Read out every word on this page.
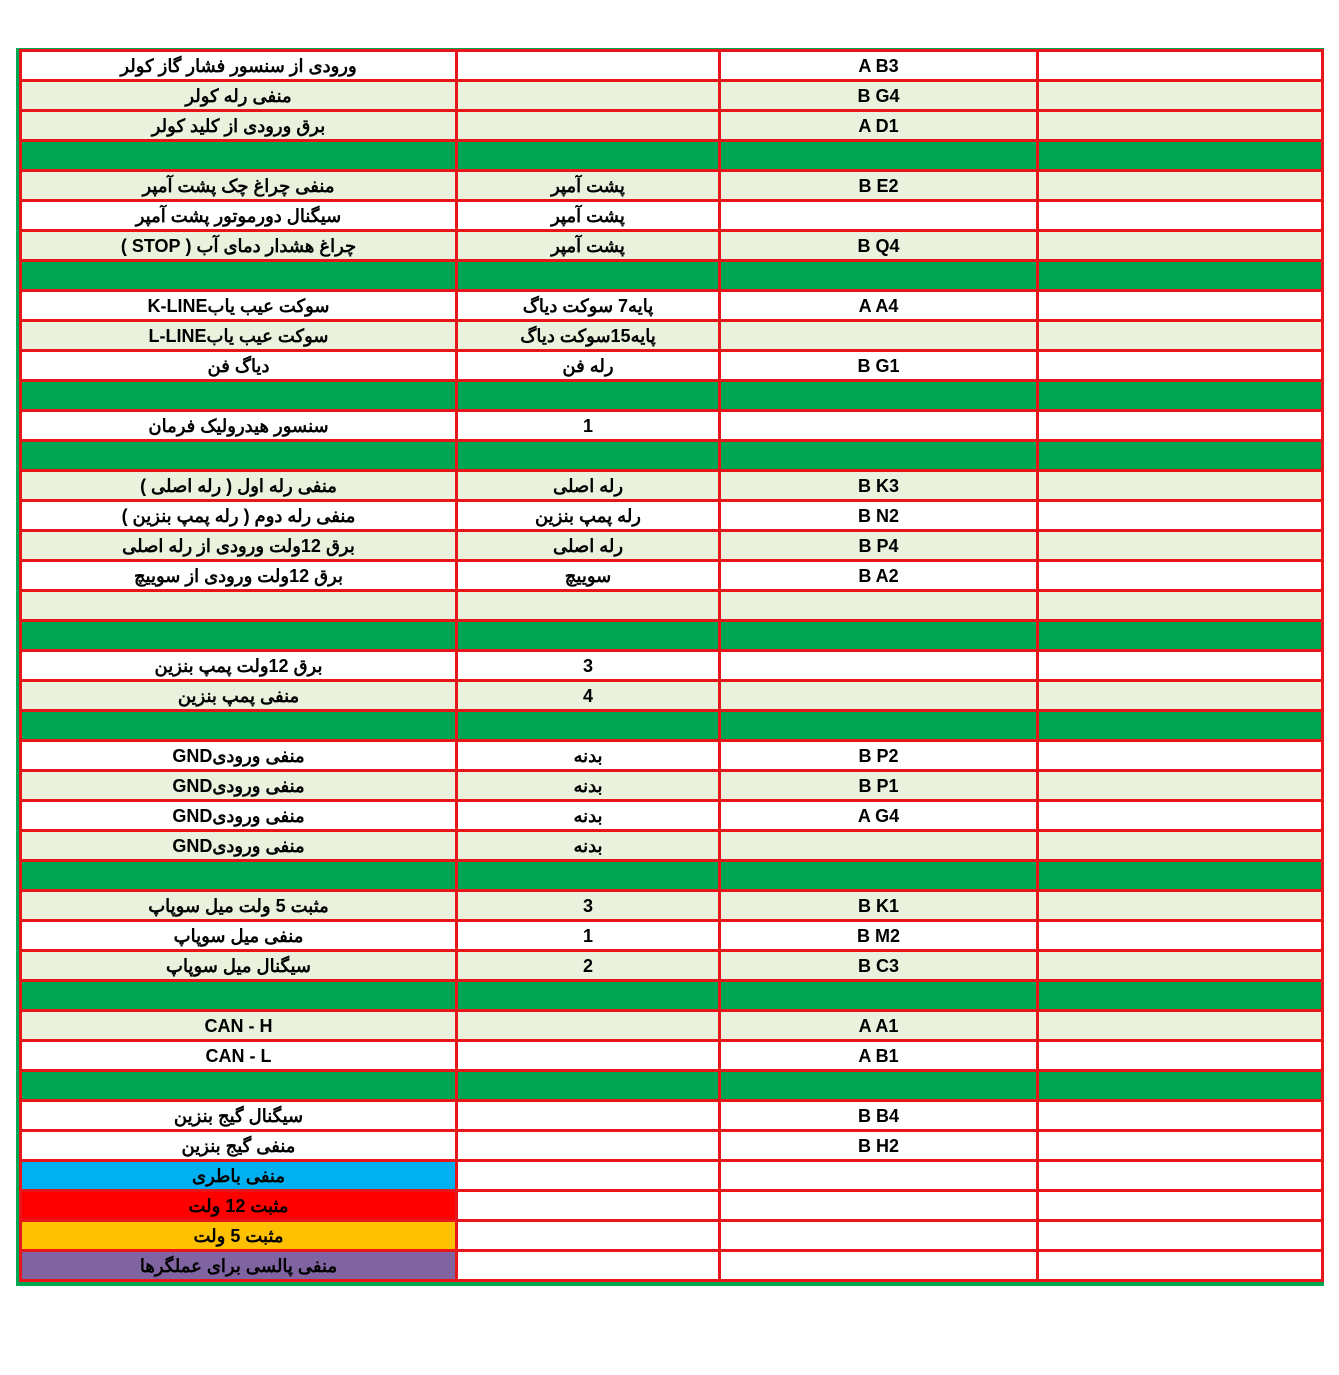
ورودی از سنسور فشار گاز کولر		A B3	
منفی رله کولر		B G4	
برق ورودی از کلید کولر		A D1	

منفی چراغ چک پشت آمپر	پشت آمپر	B E2	
سیگنال دورموتور پشت آمپر	پشت آمپر		
چراغ هشدار دمای آب ( STOP )	پشت آمپر	B Q4	

سوکت عیب یابK-LINE	پایه7 سوکت دیاگ	A A4	
سوکت عیب یابL-LINE	پایه15سوکت دیاگ		
دیاگ فن	رله فن	B G1	

سنسور هیدرولیک فرمان	1		

منفی رله اول ( رله اصلی )	رله اصلی	B K3	
منفی رله دوم ( رله پمپ بنزین )	رله پمپ بنزین	B N2	
برق 12ولت ورودی از رله اصلی	رله اصلی	B P4	
برق 12ولت ورودی از سوییچ	سوییچ	B A2	

برق 12ولت پمپ بنزین	3		
منفی پمپ بنزین	4		

منفی ورودیGND	بدنه	B P2	
منفی ورودیGND	بدنه	B P1	
منفی ورودیGND	بدنه	A G4	
منفی ورودیGND	بدنه		

مثبت 5 ولت میل سوپاپ	3	B K1	
منفی میل سوپاپ	1	B M2	
سیگنال میل سوپاپ	2	B C3	

CAN - H		A A1	
CAN - L		A B1	

سیگنال گیج بنزین		B B4	
منفی گیج بنزین		B H2	
منفی باطری			
مثبت 12 ولت			
مثبت 5 ولت			
منفی پالسی برای عملگرها			
